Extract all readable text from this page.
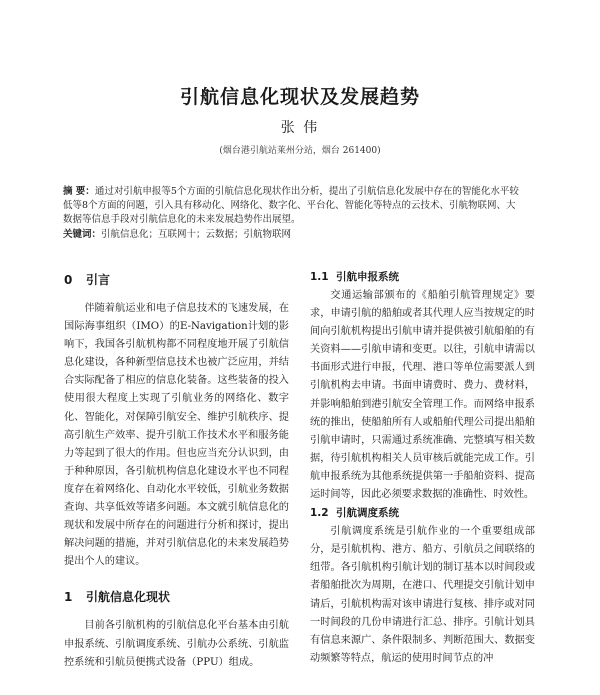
引航信息化现状及发展趋势
张 伟
(烟台港引航站莱州分站，烟台 261400)
摘 要：通过对引航申报等5个方面的引航信息化现状作出分析，提出了引航信息化发展中存在的智能化水平较低等8个方面的问题，引入具有移动化、网络化、数字化、平台化、智能化等特点的云技术、引航物联网、大数据等信息手段对引航信息化的未来发展趋势作出展望。
关键词：引航信息化；互联网十；云数据；引航物联网
0 引言

伴随着航运业和电子信息技术的飞速发展，在国际海事组织（IMO）的E-Navigation计划的影响下，我国各引航机构都不同程度地开展了引航信息化建设，各种新型信息技术也被广泛应用，并结合实际配备了相应的信息化装备。这些装备的投入使用很大程度上实现了引航业务的网络化、数字化、智能化，对保障引航安全、维护引航秩序、提高引航生产效率、提升引航工作技术水平和服务能力等起到了很大的作用。但也应当充分认识到，由于种种原因，各引航机构信息化建设水平也不同程度存在着网络化、自动化水平较低，引航业务数据查询、共享低效等诸多问题。本文就引航信息化的现状和发展中所存在的问题进行分析和探讨，提出解决问题的措施，并对引航信息化的未来发展趋势提出个人的建议。

1 引航信息化现状

目前各引航机构的引航信息化平台基本由引航申报系统、引航调度系统、引航办公系统、引航监控系统和引航员便携式设备（PPU）组成。

1.1 引航申报系统

交通运输部颁布的《船舶引航管理规定》要求，申请引航的船舶或者其代理人应当按规定的时间向引航机构提出引航申请并提供被引航船舶的有关资料——引航申请和变更。以往，引航申请需以书面形式进行申报，代理、港口等单位需要派人到引航机构去申请。书面申请费时、费力、费材料，并影响船舶到港引航安全管理工作。而网络申报系统的推出，使船舶所有人或船舶代理公司提出船舶引航申请时，只需通过系统准确、完整填写相关数据，待引航机构相关人员审核后就能完成工作。引航申报系统为其他系统提供第一手船舶资料、提高运时间等，因此必须要求数据的准确性、时效性。

1.2 引航调度系统

引航调度系统是引航作业的一个重要组成部分，是引航机构、港方、船方、引航员之间联络的纽带。各引航机构引航计划的制订基本以时间段或者船舶批次为周期，在港口、代理提交引航计划申请后，引航机构需对该申请进行复核、排序或对同一时间段的几份申请进行汇总、排序。引航计划具有信息来源广、条件限制多、判断范围大、数据变动频繁等特点，航运的使用时间节点的冲
